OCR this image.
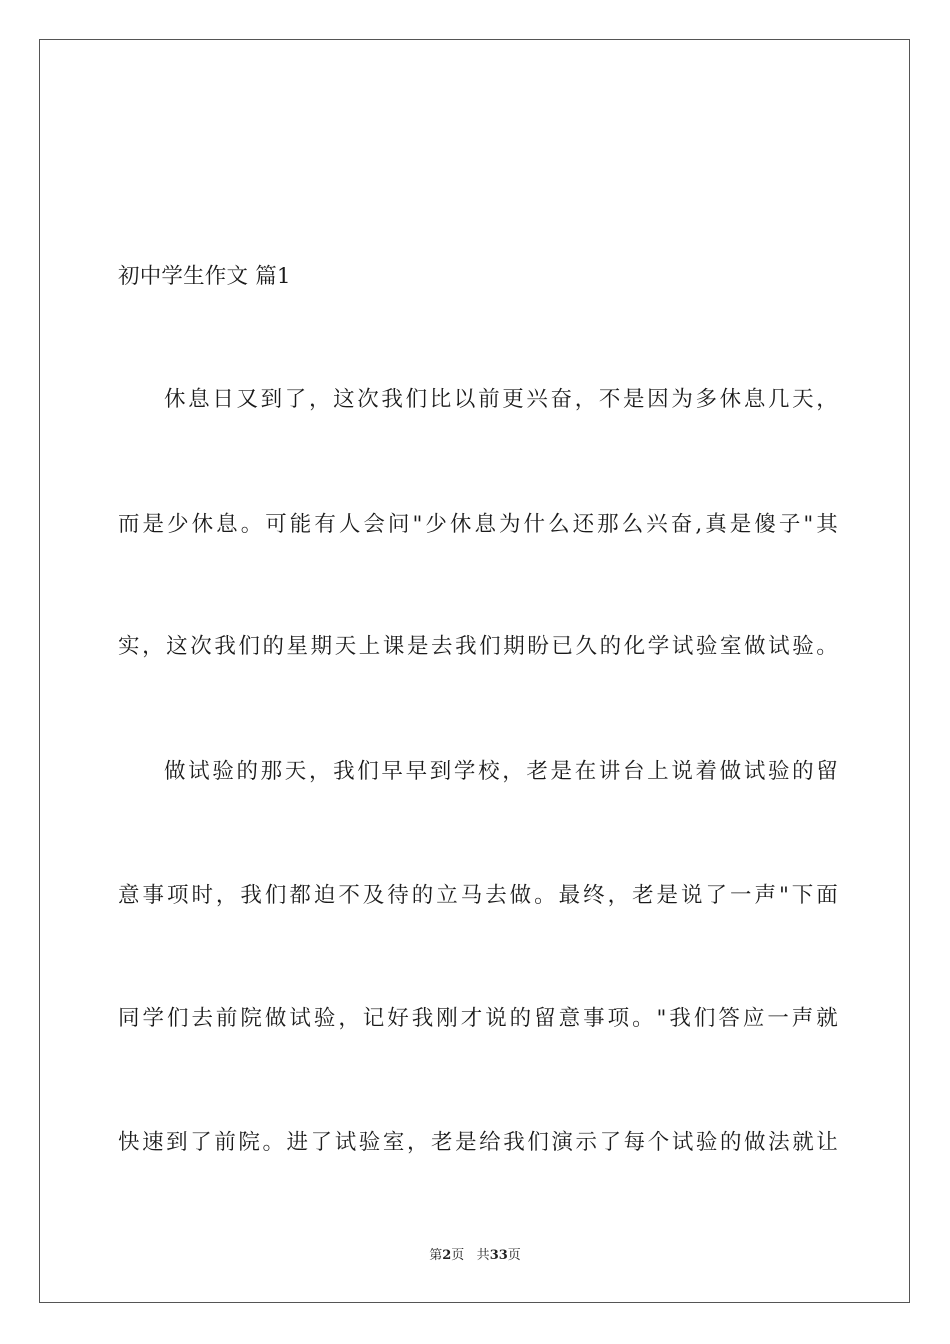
初中学生作文 篇1
休息日又到了，这次我们比以前更兴奋，不是因为多休息几天，
而是少休息。可能有人会问"少休息为什么还那么兴奋,真是傻子"其
实，这次我们的星期天上课是去我们期盼已久的化学试验室做试验。
做试验的那天，我们早早到学校，老是在讲台上说着做试验的留
意事项时，我们都迫不及待的立马去做。最终，老是说了一声"下面
同学们去前院做试验，记好我刚才说的留意事项。"我们答应一声就
快速到了前院。进了试验室，老是给我们演示了每个试验的做法就让
第2页 共33页
